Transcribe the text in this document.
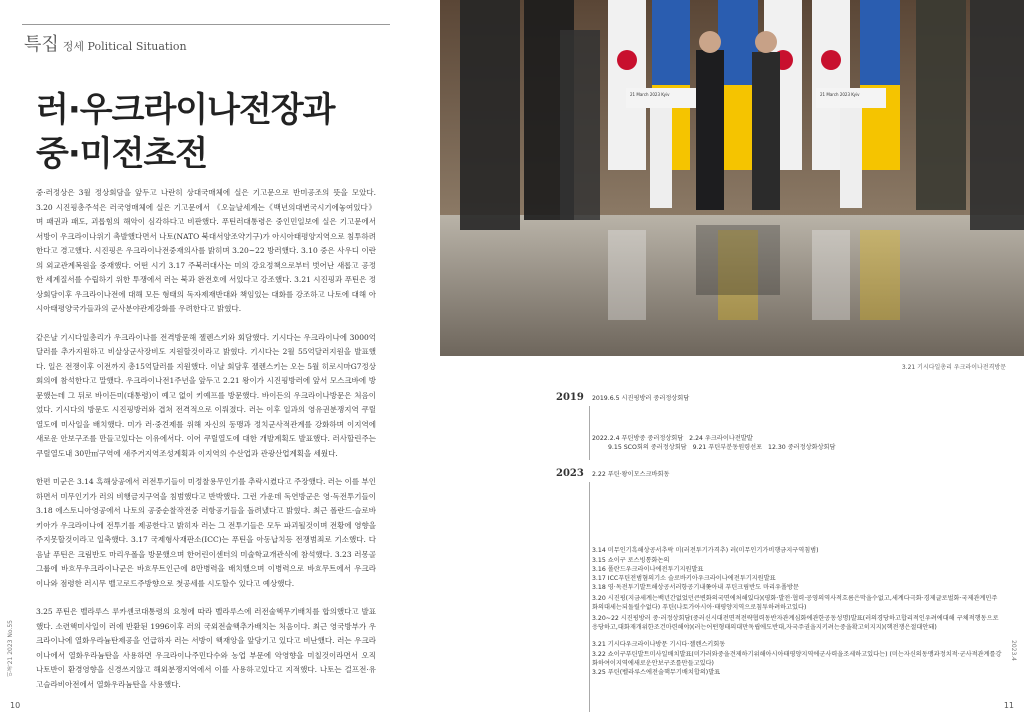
특집 정세 Political Situation
러·우크라이나전장과
중·미전초전

중·러정상은 3월 정상회담을 앞두고 나란히 상대국매체에 실은 기고문으로 반미공조의 뜻을 모았다. 3.20 시진핑총주석은 러국영매체에 실은 기고문에서 《오늘날세계는《백년의대변국시기에놓여있다》며 패권과 패도, 괴롭힘의 해악이 심각하다고 비판했다. 푸틴러대통령은 중인민일보에 실은 기고문에서 서방이 우크라이나위기 촉발했다면서 나토(NATO 북대서양조약기구)가 아시아태평양지역으로 침투하려한다고 경고했다. 시진핑은 우크라이나전중재의사를 밝히며 3.20~22 방러했다. 3.10 중은 사우디 이란의 외교관계복원을 중재했다. 어떤 시기 3.17 주북러대사는 미의 강요정책으로부터 벗어난 새롭고 공정한 세계질서를 수립하기 위한 투쟁에서 러는 북과 완전호에 서있다고 강조했다. 3.21 시진핑과 푸틴은 정상회담이후 우크라이나전에 대해 모든 형태의 독자제재반대와 책임있는 대화를 강조하고 나토에 대해 아시아태평양국가들과의 군사분야관계강화를 우려한다고 밝혔다.

같은날 기시다일총리가 우크라이나를 전격방문해 젤렌스키와 회담했다. 기시다는 우크라이나에 3000억달러를 추가지원하고 비살상군사장비도 지원할것이라고 밝혔다. 기시다는 2월 55억달러지원을 발표했다. 일은 전쟁이후 이전까지 총15억달러를 지원했다. 이날 회담후 젤렌스키는 오는 5월 히로시마G7정상회의에 참석한다고 말했다. 우크라이나전1주년을 앞두고 2.21 왕이가 시진핑방러에 앞서 모스크바에 방문했는데 그 뒤로 바이든미(대통령)이 예고 없이 키예프를 방문했다. 바이든의 우크라이나방문은 처음이었다. 기시다의 방문도 시진핑방러와 겹쳐 전격적으로 이뤄졌다. 러는 이후 일과의 영유권분쟁지역 쿠릴열도에 미사일을 배치했다. 미가 러·중견제를 위해 자신의 동맹과 정치군사적관계를 강화하며 이지역에 새로운 안보구조를 만들고있다는 이유에서다. 이어 쿠릴열도에 대한 개발계획도 발표했다. 러사할린주는 쿠릴열도내 30만㎡구역에 새주거지역조성계획과 이지역의 수산업과 관광산업계획을 세웠다.

한편 미군은 3.14 흑해상공에서 러전투기들이 미정찰용무인기를 추락시켰다고 주장했다. 러는 이를 부인하면서 미무인기가 러의 비행금지구역을 침범했다고 반박했다. 그런 가운데 독연방군은 영·독전투기들이 3.18 에스토니아영공에서 나토의 공중순찰작전중 러항공기들을 돌려냈다고 밝혔다. 최근 폴란드·슬로바키아가 우크라이나에 전투기를 제공한다고 밝히자 러는 그 전투기들은 모두 파괴될것이며 전황에 영향을 주지못할것이라고 일축했다. 3.17 국제형사재판소(ICC)는 푸틴을 아동납치등 전쟁범죄로 기소했다. 다음날 푸틴은 크림반도 마리우폴을 방문했으며 한어린이센터의 미술학교개관식에 참석했다. 3.23 러몽골 그룹에 바흐무우크라이나군은 바흐무트인근에 8만병력을 배치했으며 이병력으로 바흐무트에서 우크라이나와 점령한 러시무 벨고로드주방향으로 첫공세를 시도할수 있다고 예상했다.

3.25 푸틴은 벨라루스 루카셴코대통령의 요청에 따라 벨라루스에 러전술핵무기배치를 합의했다고 발표했다. 소련핵미사일이 러에 반환된 1996이후 러의 국외전술핵추가배치는 처음이다. 최근 영국방부가 우크라이나에 열화우라늄탄제공을 언급하자 러는 서방이 핵재앙을 앞당기고 있다고 비난했다. 러는 우크라이나에서 열화우라늄탄을 사용하면 우크라이나주민다수와 농업 부문에 악영향을 미칠것이라면서 오직 나토반이 환경영향을 신경쓰지않고 해외분쟁지역에서 이를 사용하고있다고 지적했다. 나토는 걸프전·유고슬라비아전에서 열화우라늄탄을 사용했다.

민족21 2023 No.55
10
21 March 2023 Kyiv	21 March 2023 Kyiv
3.21 기시다일총리 우크라이나전격방문
2019 2019.6.5 시진핑방러 중러정상회담
2022.2.4 푸틴방중 중러정상회담 2.24 우크라이나전발발
9.15 SCO회의 중러정상회담 9.21 푸틴부분동원령선포 12.30 중러정상화상회담
2023 2.22 푸틴·왕이모스크바회동
3.14 미무인기흑해상공서추락 미(러전투기가격추) 러(미무인기가비행금지구역침범)
3.15 쇼이구 로스빙통화논의
3.16 폴란드우크라이나에전투기지원발표
3.17 ICC푸틴전범혐의기소 슬로바키아우크라이나에전투기지원발표
3.18 영·독전투기발트해상공서러항공기내쫓아내 푸틴크림반도 마리우폴방문
3.20 시진핑(지금세계는백년간없었던큰변화의국면에처해있다)(평화·발전·협력·공영의역사적흐름은막을수없고,세계다극화·경제글로벌화·국제관계민주화의대세는되돌릴수없다) 푸틴(나토가아시아·태평양지역으로침투하려하고있다)
3.20~22 시진핑방러 중·러정상회담(중러신시대전면적전략협력동반자관계심화에관한공동성명)발표(러의경당하고합리적인우려에대해 구체적행동으로응당하고,대화재개위한조건마련해야)(러는어떤형태의대만독립에도반대,자국주권을지키려는중을확고히지지)(핵전쟁은절대안돼)
3.21 기시다우크라이나방문 기시다·젤렌스키회동
3.22 쇼이구푸틴발트미사일배치발표(미가러와중을견제하기위해아시아태평양지역에군사력을조세하고있다는) (미는자신의동맹과정치적·군사적관계를강화하여이지역에새로운안보구조를만들고있다)
3.25 푸틴(벨라루스에전술핵무기배치합의)발표
2023.4
11
